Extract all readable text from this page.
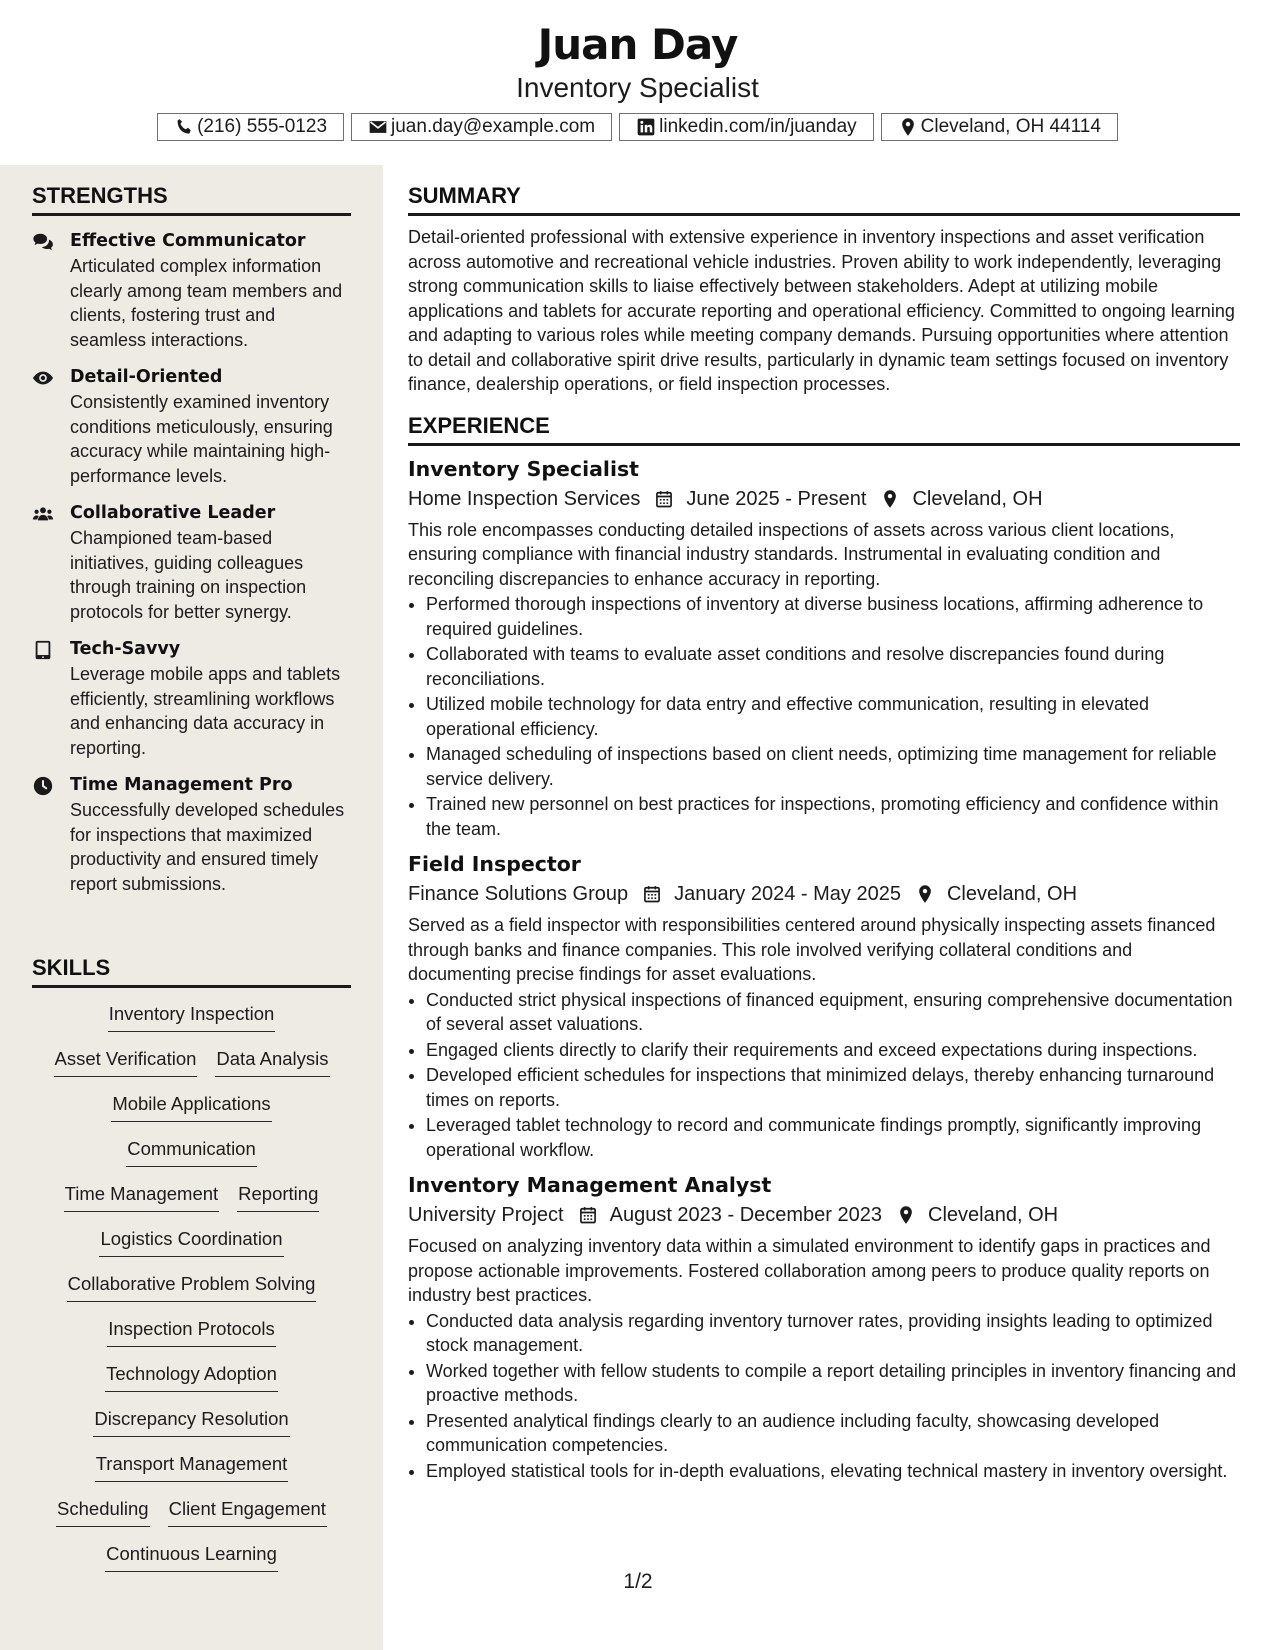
Juan Day
Inventory Specialist
(216) 555-0123	juan.day@example.com	linkedin.com/in/juanday	Cleveland, OH 44114
STRENGTHS
Effective Communicator
Articulated complex information clearly among team members and clients, fostering trust and seamless interactions.
Detail-Oriented
Consistently examined inventory conditions meticulously, ensuring accuracy while maintaining high-performance levels.
Collaborative Leader
Championed team-based initiatives, guiding colleagues through training on inspection protocols for better synergy.
Tech-Savvy
Leverage mobile apps and tablets efficiently, streamlining workflows and enhancing data accuracy in reporting.
Time Management Pro
Successfully developed schedules for inspections that maximized productivity and ensured timely report submissions.
SKILLS
Inventory Inspection
Asset Verification Data Analysis
Mobile Applications
Communication
Time Management Reporting
Logistics Coordination
Collaborative Problem Solving
Inspection Protocols
Technology Adoption
Discrepancy Resolution
Transport Management
Scheduling Client Engagement
Continuous Learning
SUMMARY
Detail-oriented professional with extensive experience in inventory inspections and asset verification across automotive and recreational vehicle industries. Proven ability to work independently, leveraging strong communication skills to liaise effectively between stakeholders. Adept at utilizing mobile applications and tablets for accurate reporting and operational efficiency. Committed to ongoing learning and adapting to various roles while meeting company demands. Pursuing opportunities where attention to detail and collaborative spirit drive results, particularly in dynamic team settings focused on inventory finance, dealership operations, or field inspection processes.
EXPERIENCE
Inventory Specialist
Home Inspection Services June 2025 - Present Cleveland, OH
This role encompasses conducting detailed inspections of assets across various client locations, ensuring compliance with financial industry standards. Instrumental in evaluating condition and reconciling discrepancies to enhance accuracy in reporting.
• Performed thorough inspections of inventory at diverse business locations, affirming adherence to required guidelines.
• Collaborated with teams to evaluate asset conditions and resolve discrepancies found during reconciliations.
• Utilized mobile technology for data entry and effective communication, resulting in elevated operational efficiency.
• Managed scheduling of inspections based on client needs, optimizing time management for reliable service delivery.
• Trained new personnel on best practices for inspections, promoting efficiency and confidence within the team.
Field Inspector
Finance Solutions Group January 2024 - May 2025 Cleveland, OH
Served as a field inspector with responsibilities centered around physically inspecting assets financed through banks and finance companies. This role involved verifying collateral conditions and documenting precise findings for asset evaluations.
• Conducted strict physical inspections of financed equipment, ensuring comprehensive documentation of several asset valuations.
• Engaged clients directly to clarify their requirements and exceed expectations during inspections.
• Developed efficient schedules for inspections that minimized delays, thereby enhancing turnaround times on reports.
• Leveraged tablet technology to record and communicate findings promptly, significantly improving operational workflow.
Inventory Management Analyst
University Project August 2023 - December 2023 Cleveland, OH
Focused on analyzing inventory data within a simulated environment to identify gaps in practices and propose actionable improvements. Fostered collaboration among peers to produce quality reports on industry best practices.
• Conducted data analysis regarding inventory turnover rates, providing insights leading to optimized stock management.
• Worked together with fellow students to compile a report detailing principles in inventory financing and proactive methods.
• Presented analytical findings clearly to an audience including faculty, showcasing developed communication competencies.
• Employed statistical tools for in-depth evaluations, elevating technical mastery in inventory oversight.
1/2
